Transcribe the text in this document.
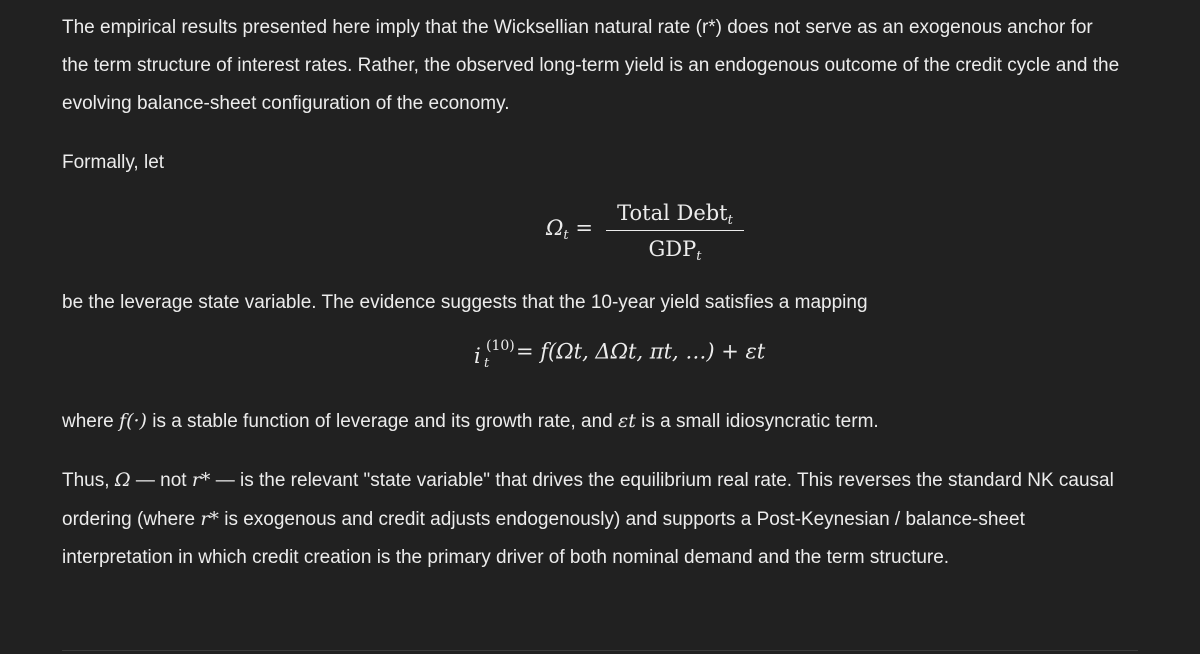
The empirical results presented here imply that the Wicksellian natural rate (r*) does not serve as an exogenous anchor for the term structure of interest rates. Rather, the observed long-term yield is an endogenous outcome of the credit cycle and the evolving balance-sheet configuration of the economy.

Formally, let

$\Omega_t$ =
Total Debt$_t$
$GDP_t$

be the leverage state variable. The evidence suggests that the 10-year yield satisfies a mapping

i (10)
t = f(Ωt, ΔΩt, πt, …) + εt

where f(·) is a stable function of leverage and its growth rate, and εt is a small idiosyncratic term.

Thus, Ω — not r* — is the relevant "state variable" that drives the equilibrium real rate. This reverses the standard NK causal ordering (where r* is exogenous and credit adjusts endogenously) and supports a Post-Keynesian / balance-sheet interpretation in which credit creation is the primary driver of both nominal demand and the term structure.
